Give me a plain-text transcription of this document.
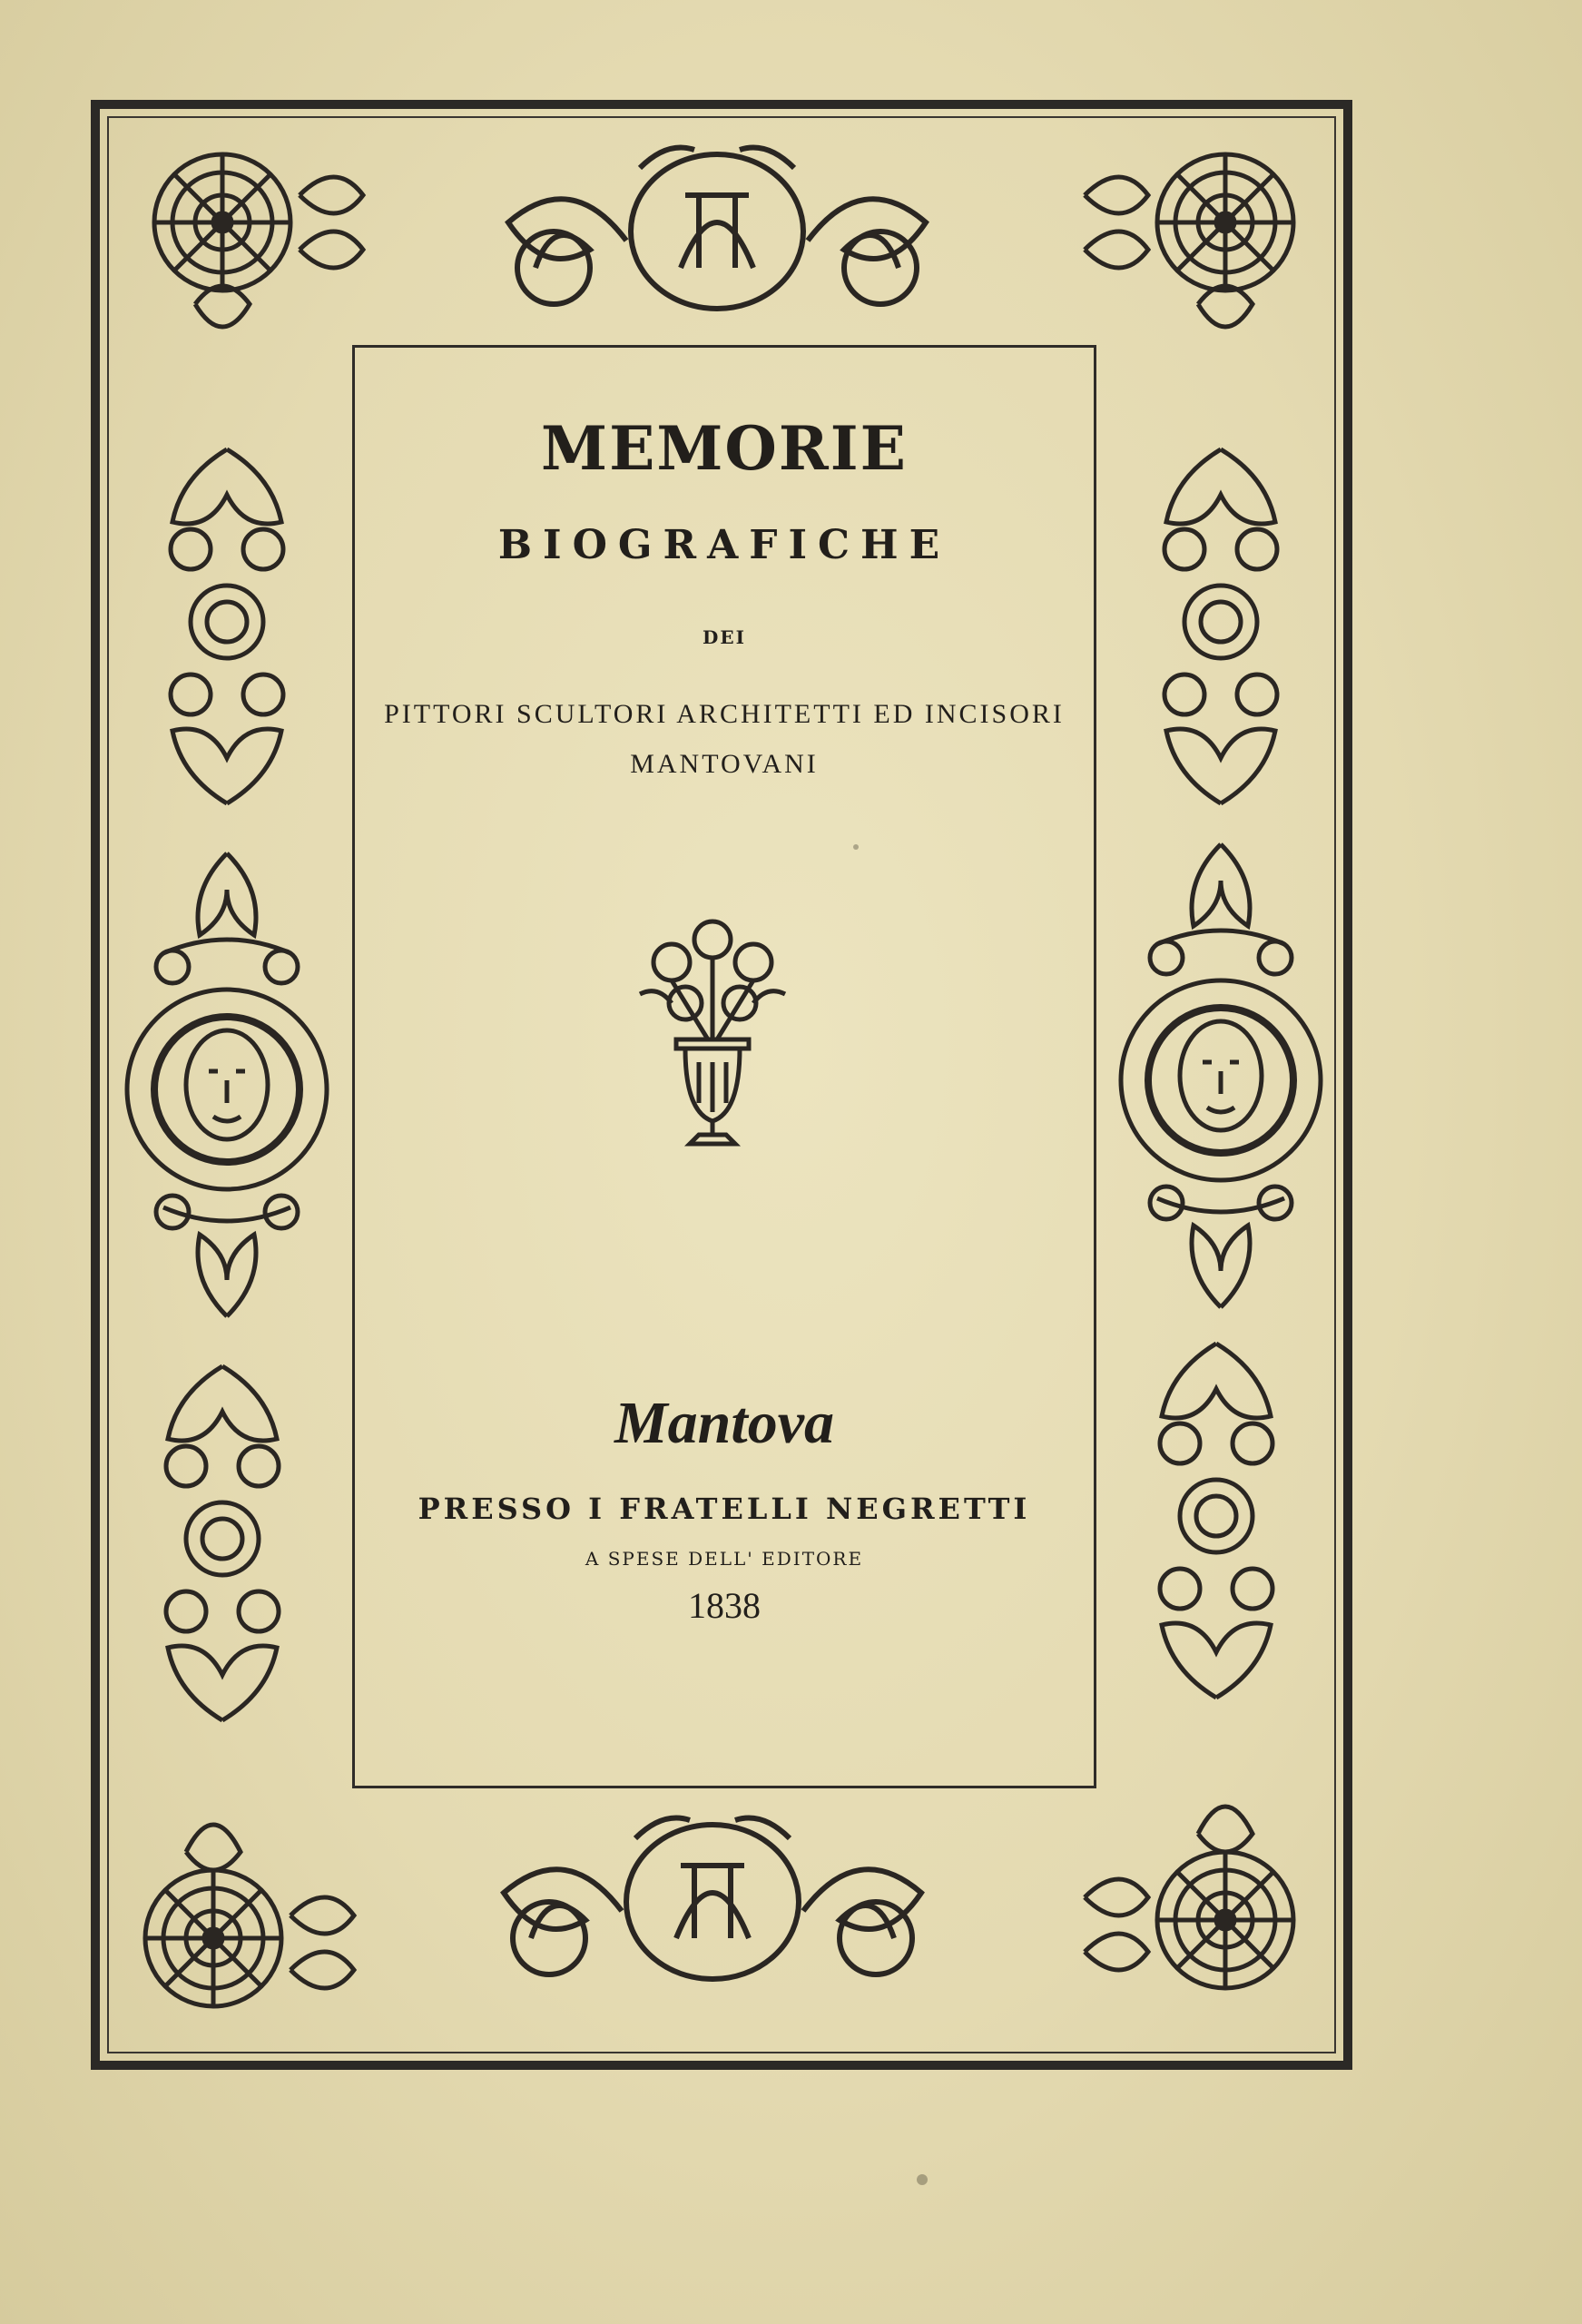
MEMORIE
BIOGRAFICHE
DEI
PITTORI SCULTORI ARCHITETTI ED INCISORI
MANTOVANI
Mantova
PRESSO I FRATELLI NEGRETTI
A SPESE DELL' EDITORE
1838
